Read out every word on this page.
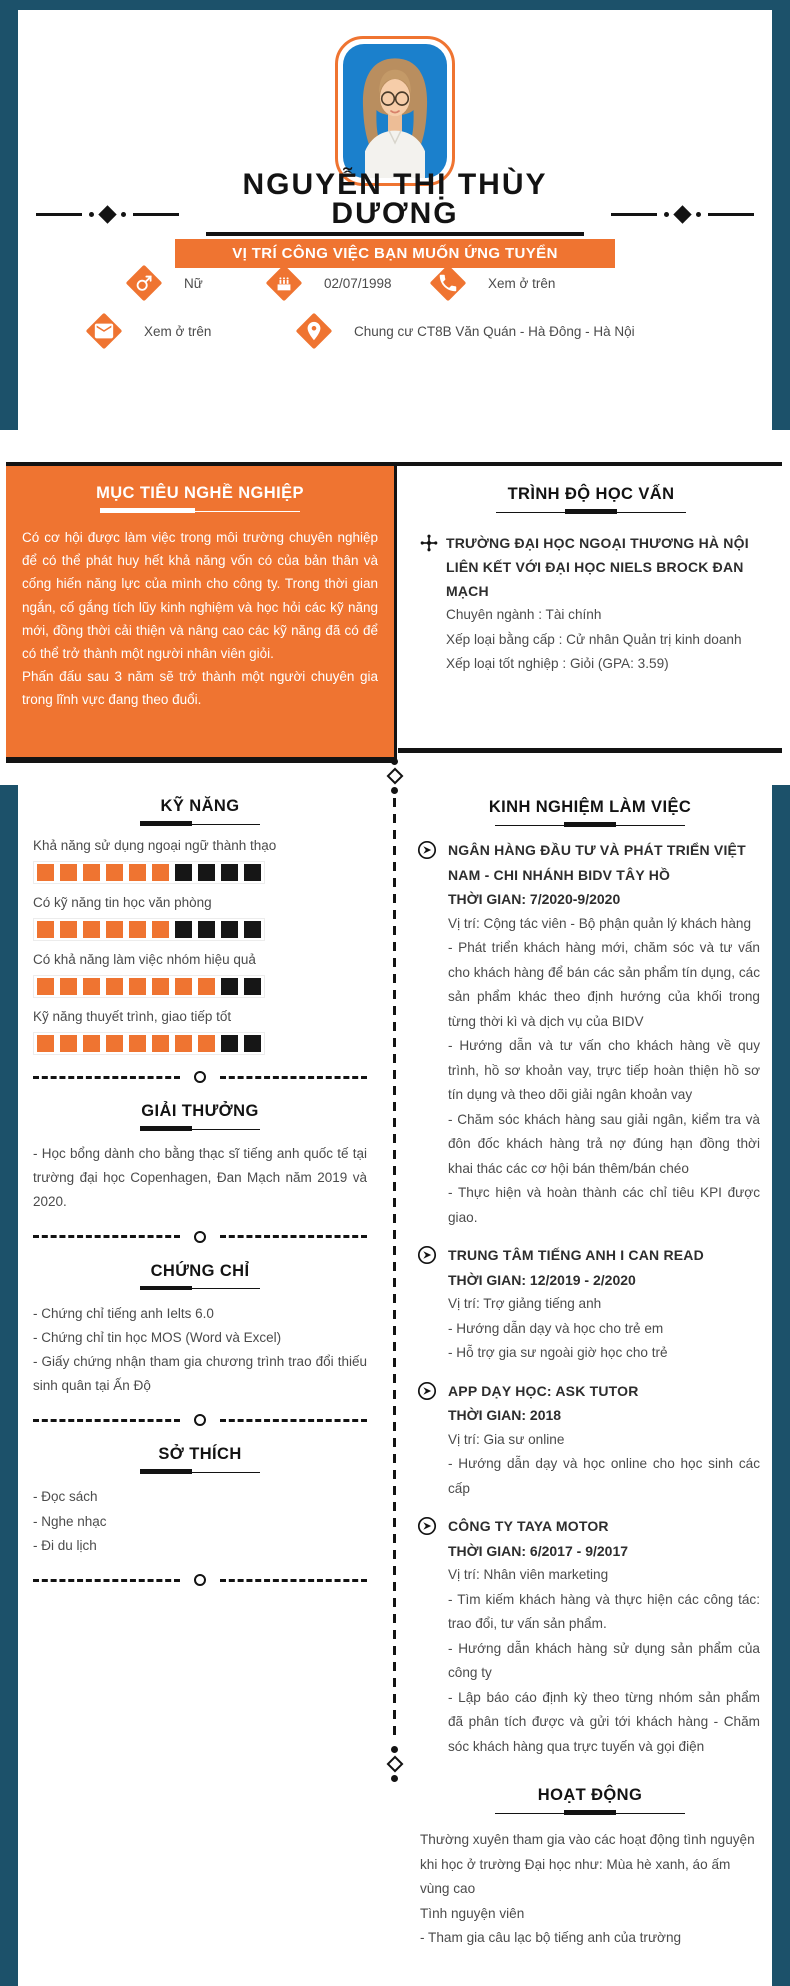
NGUYỄN THỊ THÙY DƯƠNG
VỊ TRÍ CÔNG VIỆC BẠN MUỐN ỨNG TUYỂN
Nữ	02/07/1998	Xem ở trên
Xem ở trên	Chung cư CT8B Văn Quán - Hà Đông - Hà Nội
MỤC TIÊU NGHỀ NGHIỆP

Có cơ hội được làm việc trong môi trường chuyên nghiệp để có thể phát huy hết khả năng vốn có của bản thân và cống hiến năng lực của mình cho công ty. Trong thời gian ngắn, cố gắng tích lũy kinh nghiệm và học hỏi các kỹ năng mới, đồng thời cải thiện và nâng cao các kỹ năng đã có để có thể trở thành một người nhân viên giỏi.

Phấn đấu sau 3 năm sẽ trở thành một người chuyên gia trong lĩnh vực đang theo đuổi.

KỸ NĂNG
Khả năng sử dụng ngoại ngữ thành thạo
Có kỹ năng tin học văn phòng
Có khả năng làm việc nhóm hiệu quả
Kỹ năng thuyết trình, giao tiếp tốt
GIẢI THƯỞNG
- Học bổng dành cho bằng thạc sĩ tiếng anh quốc tế tại trường đại học Copenhagen, Đan Mạch năm 2019 và 2020.
CHỨNG CHỈ
- Chứng chỉ tiếng anh Ielts 6.0
- Chứng chỉ tin học MOS (Word và Excel)
- Giấy chứng nhận tham gia chương trình trao đổi thiếu sinh quân tại Ấn Độ
SỞ THÍCH
- Đọc sách
- Nghe nhạc
- Đi du lịch
TRÌNH ĐỘ HỌC VẤN
TRƯỜNG ĐẠI HỌC NGOẠI THƯƠNG HÀ NỘI LIÊN KẾT VỚI ĐẠI HỌC NIELS BROCK ĐAN MẠCH
Chuyên ngành : Tài chính
Xếp loại bằng cấp : Cử nhân Quản trị kinh doanh
Xếp loại tốt nghiệp : Giỏi (GPA: 3.59)
KINH NGHIỆM LÀM VIỆC
NGÂN HÀNG ĐẦU TƯ VÀ PHÁT TRIỂN VIỆT NAM - CHI NHÁNH BIDV TÂY HỒ
THỜI GIAN: 7/2020-9/2020
Vị trí: Cộng tác viên - Bộ phận quản lý khách hàng
- Phát triển khách hàng mới, chăm sóc và tư vấn cho khách hàng để bán các sản phẩm tín dụng, các sản phẩm khác theo định hướng của khối trong từng thời kì và dịch vụ của BIDV
- Hướng dẫn và tư vấn cho khách hàng về quy trình, hồ sơ khoản vay, trực tiếp hoàn thiện hồ sơ tín dụng và theo dõi giải ngân khoản vay
- Chăm sóc khách hàng sau giải ngân, kiểm tra và đôn đốc khách hàng trả nợ đúng hạn đồng thời khai thác các cơ hội bán thêm/bán chéo
- Thực hiện và hoàn thành các chỉ tiêu KPI được giao.
TRUNG TÂM TIẾNG ANH I CAN READ
THỜI GIAN: 12/2019 - 2/2020
Vị trí: Trợ giảng tiếng anh
- Hướng dẫn dạy và học cho trẻ em
- Hỗ trợ gia sư ngoài giờ học cho trẻ
APP DẠY HỌC: ASK TUTOR
THỜI GIAN: 2018
Vị trí: Gia sư online
- Hướng dẫn dạy và học online cho học sinh các cấp
CÔNG TY TAYA MOTOR
THỜI GIAN: 6/2017 - 9/2017
Vị trí: Nhân viên marketing
- Tìm kiếm khách hàng và thực hiện các công tác: trao đổi, tư vấn sản phẩm.
- Hướng dẫn khách hàng sử dụng sản phẩm của công ty
- Lập báo cáo định kỳ theo từng nhóm sản phẩm đã phân tích được và gửi tới khách hàng - Chăm sóc khách hàng qua trực tuyến và gọi điện
HOẠT ĐỘNG
Thường xuyên tham gia vào các hoạt động tình nguyện khi học ở trường Đại học như: Mùa hè xanh, áo ấm vùng cao
Tình nguyện viên
- Tham gia câu lạc bộ tiếng anh của trường
